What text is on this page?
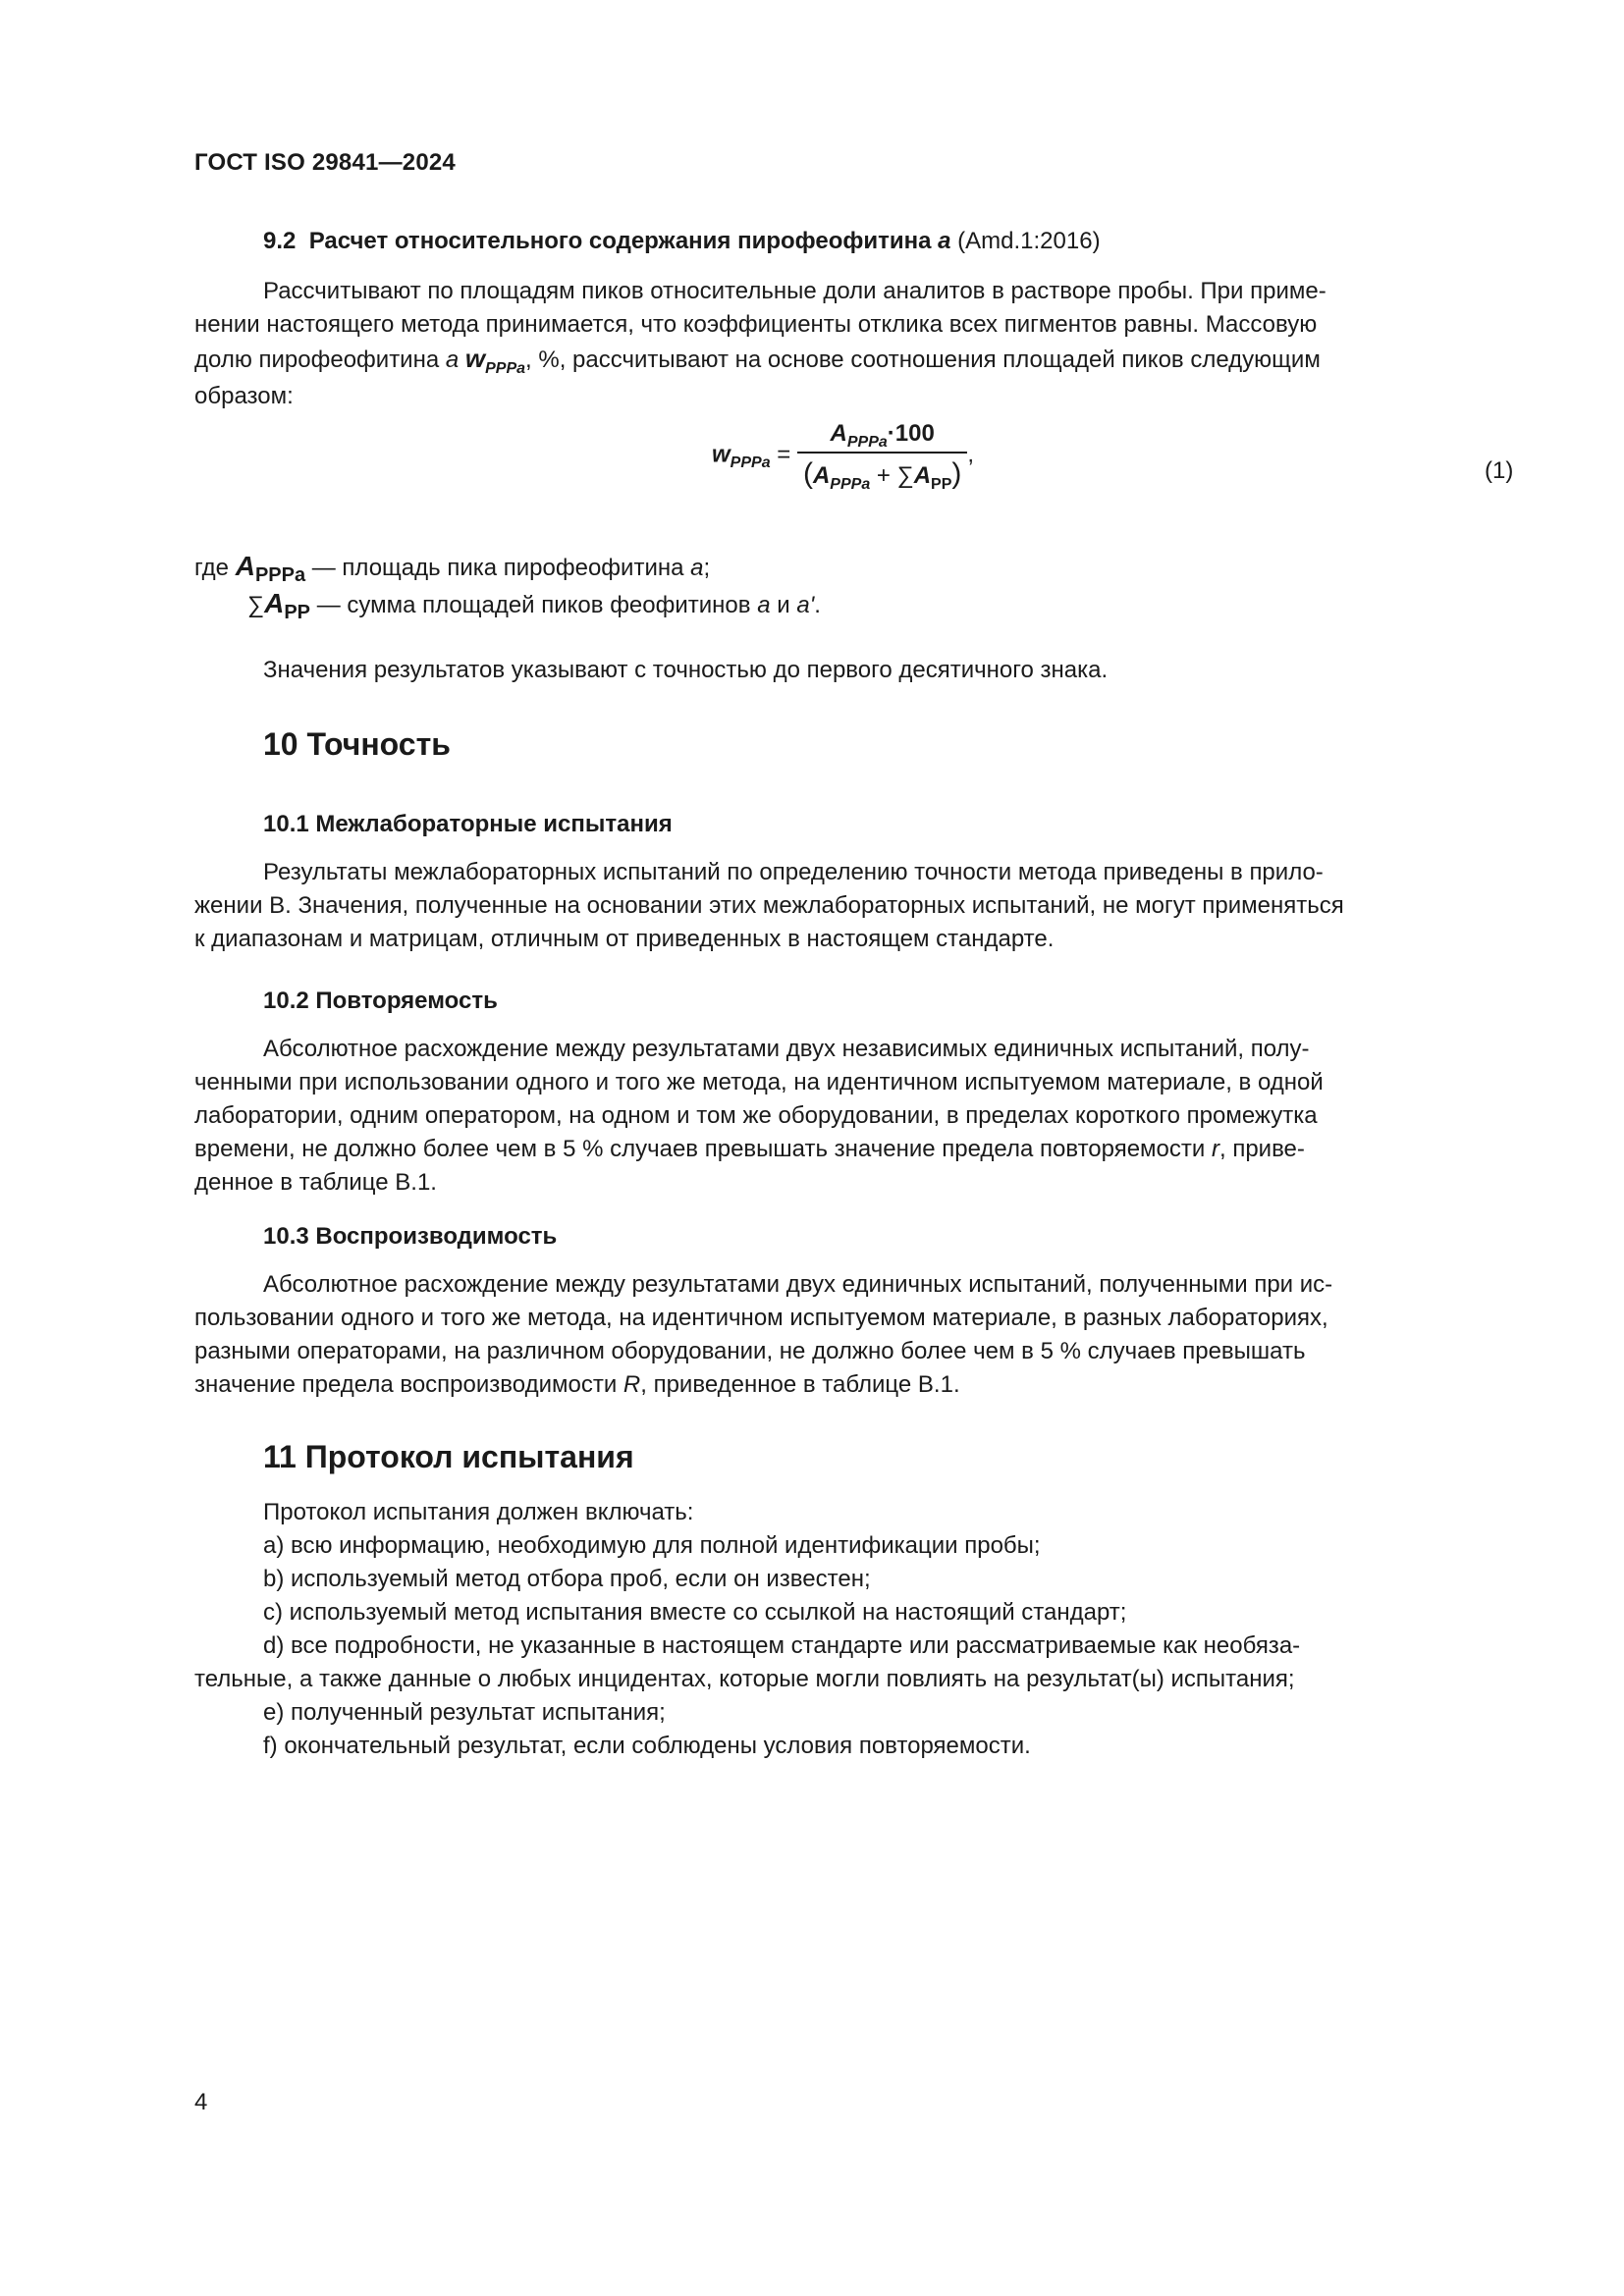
ГОСТ ISO 29841—2024
9.2 Расчет относительного содержания пирофеофитина a (Amd.1:2016)
Рассчитывают по площадям пиков относительные доли аналитов в растворе пробы. При приме-
нении настоящего метода принимается, что коэффициенты отклика всех пигментов равны. Массовую
долю пирофеофитина a $w_{PPPa}$, %, рассчитывают на основе соотношения площадей пиков следующим
образом:
$w_{PPPa} = \frac{A_{PPPa}\cdot 100}{(A_{PPPa} + \sum A_{PP})}$ ,
(1)
где $A_{PPPa}$ — площадь пика пирофеофитина a;
$\sum A_{PP}$ — сумма площадей пиков феофитинов a и a'.
Значения результатов указывают с точностью до первого десятичного знака.
10 Точность
10.1 Межлабораторные испытания
Результаты межлабораторных испытаний по определению точности метода приведены в прило-
жении В. Значения, полученные на основании этих межлабораторных испытаний, не могут применяться
к диапазонам и матрицам, отличным от приведенных в настоящем стандарте.
10.2 Повторяемость
Абсолютное расхождение между результатами двух независимых единичных испытаний, полу-
ченными при использовании одного и того же метода, на идентичном испытуемом материале, в одной
лаборатории, одним оператором, на одном и том же оборудовании, в пределах короткого промежутка
времени, не должно более чем в 5 % случаев превышать значение предела повторяемости r, приве-
денное в таблице В.1.
10.3 Воспроизводимость
Абсолютное расхождение между результатами двух единичных испытаний, полученными при ис-
пользовании одного и того же метода, на идентичном испытуемом материале, в разных лабораториях,
разными операторами, на различном оборудовании, не должно более чем в 5 % случаев превышать
значение предела воспроизводимости R, приведенное в таблице В.1.
11 Протокол испытания
Протокол испытания должен включать:
a) всю информацию, необходимую для полной идентификации пробы;
b) используемый метод отбора проб, если он известен;
c) используемый метод испытания вместе со ссылкой на настоящий стандарт;
d) все подробности, не указанные в настоящем стандарте или рассматриваемые как необяза-
тельные, а также данные о любых инцидентах, которые могли повлиять на результат(ы) испытания;
e) полученный результат испытания;
f) окончательный результат, если соблюдены условия повторяемости.
4
